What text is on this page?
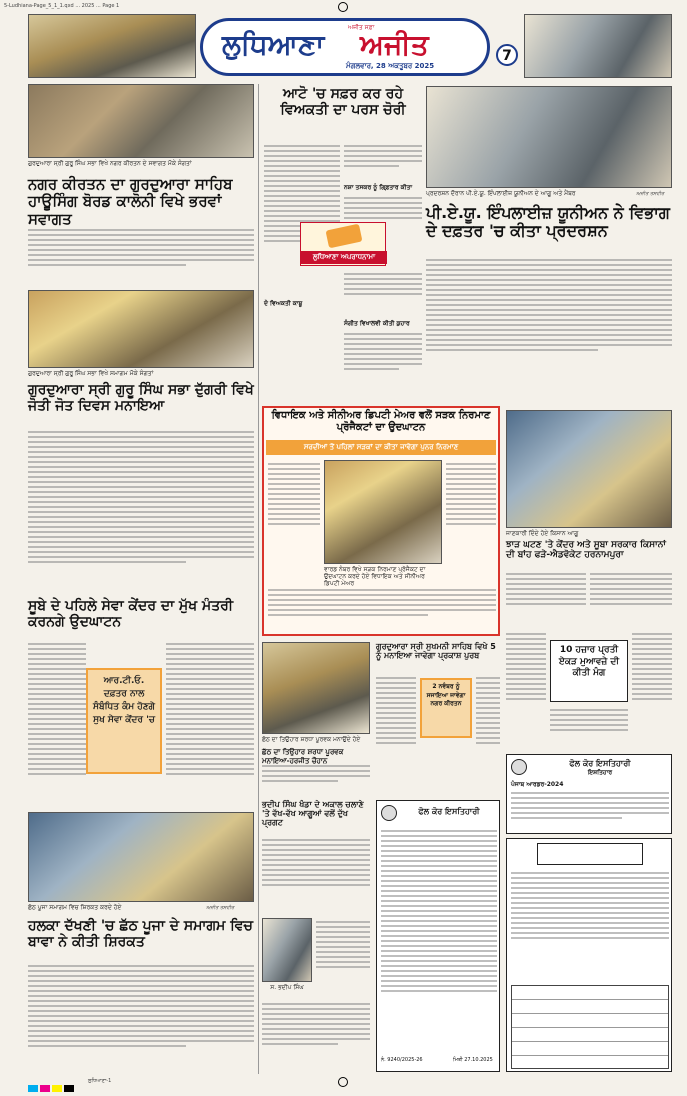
5-Ludhiana-Page_5_1_1.qxd ... 2025 ... Page 1
ਲੁਧਿਆਣਾ
ਅਜੀਤ ਸਫ਼ਾ
ਅਜੀਤ
ਮੰਗਲਵਾਰ, 28 ਅਕਤੂਬਰ 2025
7
ਗੁਰਦੁਆਰਾ ਸ੍ਰੀ ਗੁਰੂ ਸਿੰਘ ਸਭਾ ਵਿਖੇ ਨਗਰ ਕੀਰਤਨ ਦੇ ਸਵਾਗਤ ਮੌਕੇ ਸੰਗਤਾਂ
ਨਗਰ ਕੀਰਤਨ ਦਾ ਗੁਰਦੁਆਰਾ ਸਾਹਿਬ ਹਾਊਸਿੰਗ ਬੋਰਡ ਕਾਲੋਨੀ ਵਿਖੇ ਭਰਵਾਂ ਸਵਾਗਤ
ਗੁਰਦੁਆਰਾ ਸ੍ਰੀ ਗੁਰੂ ਸਿੰਘ ਸਭਾ ਵਿਖੇ ਸਮਾਗਮ ਮੌਕੇ ਸੰਗਤਾਂ
ਗੁਰਦੁਆਰਾ ਸ੍ਰੀ ਗੁਰੂ ਸਿੰਘ ਸਭਾ ਦੁੱਗਰੀ ਵਿਖੇ ਜੋਤੀ ਜੋਤ ਦਿਵਸ ਮਨਾਇਆ
ਸੂਬੇ ਦੇ ਪਹਿਲੇ ਸੇਵਾ ਕੇਂਦਰ ਦਾ ਮੁੱਖ ਮੰਤਰੀ ਕਰਨਗੇ ਉਦਘਾਟਨ
ਆਰ.ਟੀ.ਓ. ਦਫ਼ਤਰ ਨਾਲ ਸੰਬੰਧਿਤ ਕੰਮ ਹੋਣਗੇ ਸੁਖ ਸੇਵਾ ਕੇਂਦਰ 'ਚ
ਛੱਠ ਪੂਜਾ ਸਮਾਗਮ ਵਿਚ ਸ਼ਿਰਕਤ ਕਰਦੇ ਹੋਏ	ਅਜੀਤ ਤਸਵੀਰ
ਹਲਕਾ ਦੱਖਣੀ 'ਚ ਛੱਠ ਪੂਜਾ ਦੇ ਸਮਾਗਮ ਵਿਚ ਬਾਵਾ ਨੇ ਕੀਤੀ ਸ਼ਿਰਕਤ
ਆਟੋ 'ਚ ਸਫ਼ਰ ਕਰ ਰਹੇ ਵਿਅਕਤੀ ਦਾ ਪਰਸ ਚੋਰੀ
ਨਸ਼ਾ ਤਸਕਰ ਨੂੰ ਗਿ੍ਫ਼ਤਾਰ ਕੀਤਾ
ਲੁਧਿਆਣਾ ਅਪਰਾਧਨਾਮਾ
ਦੋ ਵਿਅਕਤੀ ਕਾਬੂ
ਸੰਗੀਤ ਵਿਖਾਲਵੀ ਕੀਤੀ ਕੁਹਾਰ
ਪ੍ਰਦਰਸ਼ਨ ਦੌਰਾਨ ਪੀ.ਏ.ਯੂ. ਇੰਪਲਾਈਜ਼ ਯੂਨੀਅਨ ਦੇ ਆਗੂ ਅਤੇ ਮੈਂਬਰ	ਅਜੀਤ ਤਸਵੀਰ
ਪੀ.ਏ.ਯੂ. ਇੰਪਲਾਈਜ਼ ਯੂਨੀਅਨ ਨੇ ਵਿਭਾਗ ਦੇ ਦਫ਼ਤਰ 'ਚ ਕੀਤਾ ਪ੍ਰਦਰਸ਼ਨ
ਵਿਧਾਇਕ ਅਤੇ ਸੀਨੀਅਰ ਡਿਪਟੀ ਮੇਅਰ ਵਲੋਂ ਸੜਕ ਨਿਰਮਾਣ ਪ੍ਰੋਜੈਕਟਾਂ ਦਾ ਉਦਘਾਟਨ
ਸਰਦੀਆਂ ਤੋਂ ਪਹਿਲਾਂ ਸੜਕਾਂ ਦਾ ਕੀਤਾ ਜਾਵੇਗਾ ਪੁਨਰ ਨਿਰਮਾਣ
ਵਾਰਡ ਨੰਬਰ ਵਿਖੇ ਸੜਕ ਨਿਰਮਾਣ ਪ੍ਰੋਜੈਕਟ ਦਾ ਉਦਘਾਟਨ ਕਰਦੇ ਹੋਏ ਵਿਧਾਇਕ ਅਤੇ ਸੀਨੀਅਰ ਡਿਪਟੀ ਮੇਅਰ
ਜਾਣਕਾਰੀ ਦਿੰਦੇ ਹੋਏ ਕਿਸਾਨ ਆਗੂ
ਝਾੜ ਘਟਣ 'ਤੇ ਕੇਂਦਰ ਅਤੇ ਸੂਬਾ ਸਰਕਾਰ ਕਿਸਾਨਾਂ ਦੀ ਬਾਂਹ ਫੜੇ-ਐਡਵੋਕੇਟ ਹਰਨਾਮਪੁਰਾ
10 ਹਜ਼ਾਰ ਪ੍ਰਤੀ ਏਕੜ ਮੁਆਵਜ਼ੇ ਦੀ ਕੀਤੀ ਮੰਗ
ਛੱਠ ਦਾ ਤਿਉਹਾਰ ਸ਼ਰਧਾ ਪੂਰਵਕ ਮਨਾਉਂਦੇ ਹੋਏ
ਛੱਠ ਦਾ ਤਿਉਹਾਰ ਸ਼ਰਧਾ ਪੂਰਵਕ ਮਨਾਇਆ-ਹਰਜੀਤ ਚੌਹਾਨ
ਗੁਰਦੁਆਰਾ ਸ੍ਰੀ ਸੁਖਮਨੀ ਸਾਹਿਬ ਵਿਖੇ 5 ਨੂੰ ਮਨਾਇਆ ਜਾਵੇਗਾ ਪ੍ਰਕਾਸ਼ ਪੁਰਬ
2 ਨਵੰਬਰ ਨੂੰ ਸਜਾਇਆ ਜਾਵੇਗਾ ਨਗਰ ਕੀਰਤਨ
ਭਦੀਪ ਸਿੰਘ ਖੰਡਾ ਦੇ ਅਕਾਲ ਚਲਾਣੇ 'ਤੇ ਵੱਖ-ਵੱਖ ਆਗੂਆਂ ਵਲੋਂ ਦੁੱਖ ਪ੍ਰਗਟ
ਸ. ਭਦੀਪ ਸਿੰਘ
ਫੋਲ ਕੋਰ ਇਸਤਿਹਾਰੀ
ਨੰ. 9240/2025-26	ਮਿਤੀ 27.10.2025
ਫੋਲ ਕੋਰ ਇਸਤਿਹਾਰੀ
ਇਸ਼ਤਿਹਾਰ
ਪੰਜਾਬ ਆਰਡਰ-2024
ਲੁਧਿਆਣਾ-1
